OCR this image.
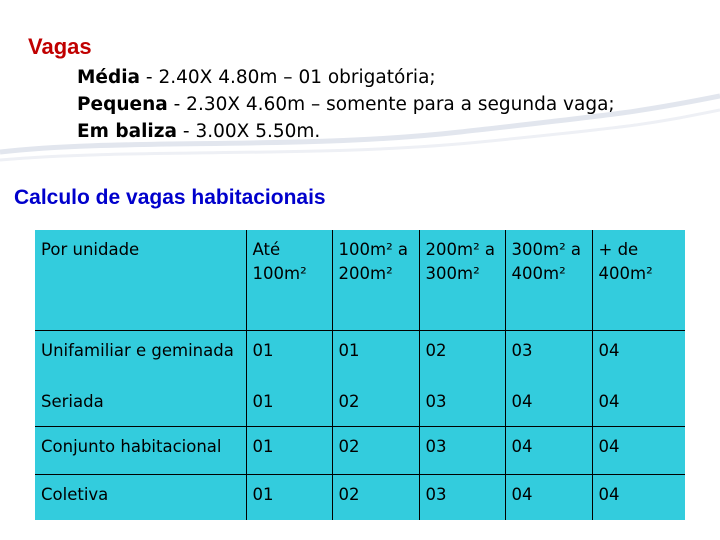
Vagas
Média - 2.40X 4.80m – 01 obrigatória;
Pequena - 2.30X 4.60m – somente para a segunda vaga;
Em baliza - 3.00X 5.50m.
Calculo de vagas habitacionais
Por unidade	Até 100m²	100m² a 200m²	200m² a 300m²	300m² a 400m²	+ de 400m²
Unifamiliar e geminada	01	01	02	03	04
Seriada	01	02	03	04	04
Conjunto habitacional	01	02	03	04	04
Coletiva	01	02	03	04	04
